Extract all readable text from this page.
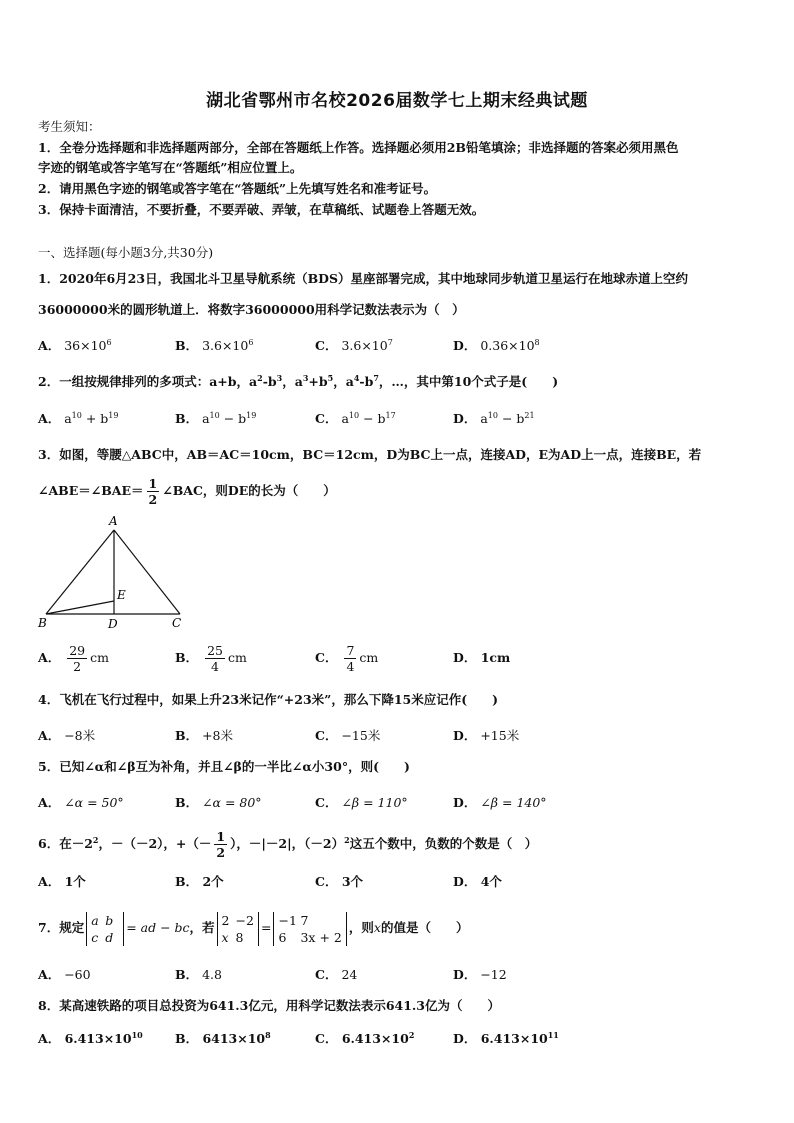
湖北省鄂州市名校2026届数学七上期末经典试题
考生须知：
1．全卷分选择题和非选择题两部分，全部在答题纸上作答。选择题必须用2B铅笔填涂；非选择题的答案必须用黑色
字迹的钢笔或答字笔写在“答题纸”相应位置上。
2．请用黑色字迹的钢笔或答字笔在“答题纸”上先填写姓名和准考证号。
3．保持卡面清洁，不要折叠，不要弄破、弄皱，在草稿纸、试题卷上答题无效。
一、选择题(每小题3分,共30分)
1．2020年6月23日，我国北斗卫星导航系统（BDS）星座部署完成，其中地球同步轨道卫星运行在地球赤道上空约
36000000米的圆形轨道上．将数字36000000用科学记数法表示为（　）
A． $36\times 10^6$	B． $3.6\times 10^6$	C． $3.6\times 10^7$	D． $0.36\times 10^8$
2．一组按规律排列的多项式：a+b，$a^2-b^3$，$a^3+b^5$，$a^4-b^7$，…，其中第10个式子是(　　)
A． $a^{10} + b^{19}$	B． $a^{10} - b^{19}$	C． $a^{10} - b^{17}$	D． $a^{10} - b^{21}$
3．如图，等腰△ABC中，AB＝AC＝10cm，BC＝12cm，D为BC上一点，连接AD，E为AD上一点，连接BE，若
∠ABE＝∠BAE＝ $\frac{1}{2}$ ∠BAC，则DE的长为（　　）
A
B	C
D
E
A． $\frac{29}{2}$ cm	B． $\frac{25}{4}$ cm	C． $\frac{7}{4}$ cm	D． 1cm
4．飞机在飞行过程中，如果上升23米记作“+23米”，那么下降15米应记作(　　)
A． −8米	B． +8米	C． −15米	D． +15米
5．已知∠α和∠β互为补角，并且∠β的一半比∠α小30°，则(　　)
A． ∠α = 50°	B． ∠α = 80°	C． ∠β = 110°	D． ∠β = 140°
6．在$-2^2$，－（－2），+（－ $\frac{1}{2}$ ），－|－2|，$(-2)^2$这五个数中，负数的个数是（　）
A． 1个	B． 2个	C． 3个	D． 4个
7．规定 a b
c d
= ad − bc，若 2 −2
x 8
= −1 7
6 3x + 2
，则x的值是（　　）
A． −60	B． 4.8	C． 24	D． −12
8．某高速铁路的项目总投资为641.3亿元，用科学记数法表示641.3亿为（　　）
A． $6.413\times 10^{10}$	B． $6413\times 10^8$	C． $6.413\times 10^2$	D． $6.413\times 10^{11}$
